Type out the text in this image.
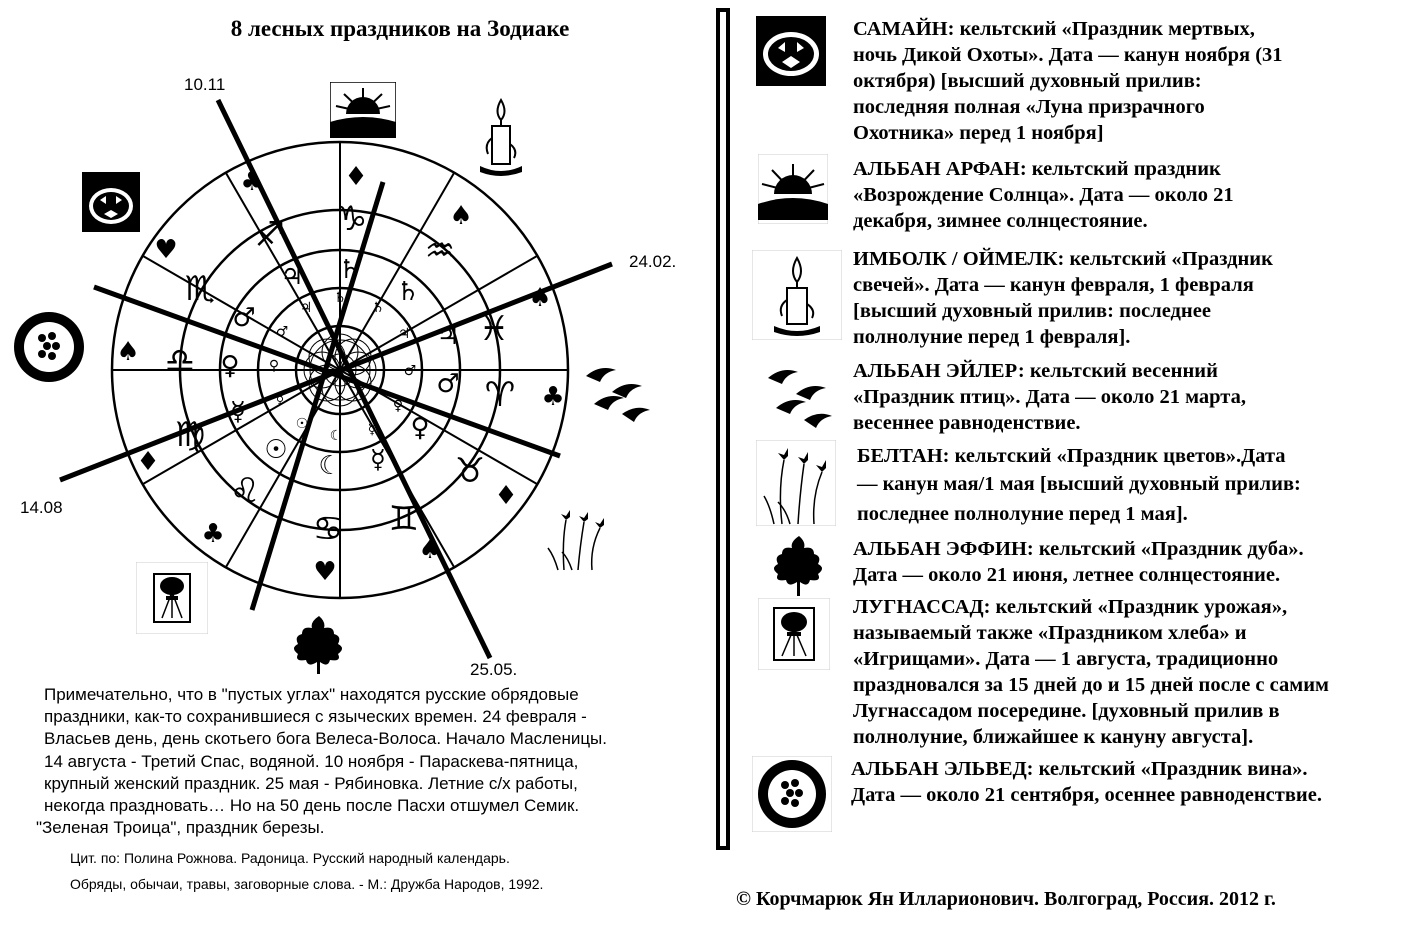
8 лесных праздников на Зодиаке
10.11
24.02.
14.08
25.05.
♣	♦
♠
♥
♠
♠
♣
♦
♦
♣
♠
♥
♑
♒
♓
♈
♉
♊
♋
♌
♍
♎
♏
♐
♄
♄
♃
♂
♀
☿
☾
☉
☿
♀
♂
♃
♄
♄
♃
♂
♀
☿
☾
☉
☿
♀
♂
♃
Примечательно, что в "пустых углах" находятся русские обрядовые
праздники, как-то сохранившиеся с языческих времен. 24 февраля -
Власьев день, день скотьего бога Велеса-Волоса. Начало Масленицы.
14 августа - Третий Спас, водяной. 10 ноября - Параскева-пятница,
крупный женский праздник. 25 мая - Рябиновка. Летние с/х работы,
некогда праздновать… Но на 50 день после Пасхи отшумел Семик.
"Зеленая Троица", праздник березы.
Цит. по: Полина Рожнова. Радоница. Русский народный календарь.
Обряды, обычаи, травы, заговорные слова. - М.: Дружба Народов, 1992.
САМАЙН: кельтский «Праздник мертвых,
ночь Дикой Охоты». Дата — канун ноября (31
октября) [высший духовный прилив:
последняя полная «Луна призрачного
Охотника» перед 1 ноября]
АЛЬБАН АРФАН: кельтский праздник
«Возрождение Солнца». Дата — около 21
декабря, зимнее солнцестояние.
ИМБОЛК / ОЙМЕЛК: кельтский «Праздник
свечей». Дата — канун февраля, 1 февраля
[высший духовный прилив: последнее
полнолуние перед 1 февраля].
АЛЬБАН ЭЙЛЕР: кельтский весенний
«Праздник птиц». Дата — около 21 марта,
весеннее равноденствие.
БЕЛТАН: кельтский «Праздник цветов».Дата
— канун мая/1 мая [высший духовный прилив:
последнее полнолуние перед 1 мая].
АЛЬБАН ЭФФИН: кельтский «Праздник дуба».
Дата — около 21 июня, летнее солнцестояние.
ЛУГНАССАД: кельтский «Праздник урожая»,
называемый также «Праздником хлеба» и
«Игрищами». Дата — 1 августа, традиционно
праздновался за 15 дней до и 15 дней после с самим
Лугнассадом посередине. [духовный прилив в
полнолуние, ближайшее к кануну августа].
АЛЬБАН ЭЛЬВЕД: кельтский «Праздник вина».
Дата — около 21 сентября, осеннее равноденствие.
© Корчмарюк Ян Илларионович. Волгоград, Россия. 2012 г.
